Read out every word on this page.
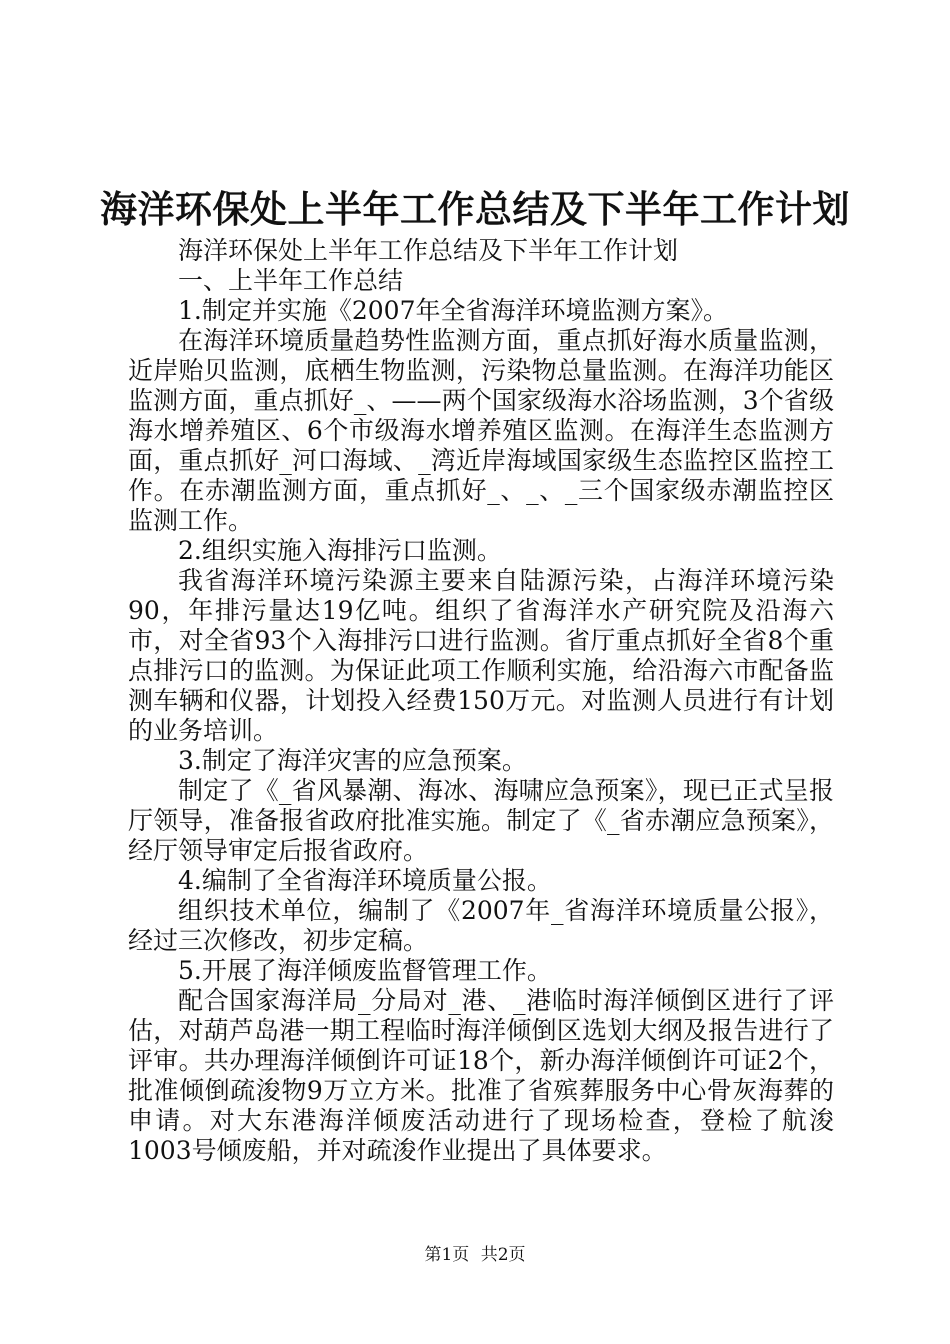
海洋环保处上半年工作总结及下半年工作计划

海洋环保处上半年工作总结及下半年工作计划

一、上半年工作总结

1.制定并实施《2007年全省海洋环境监测方案》。

在海洋环境质量趋势性监测方面，重点抓好海水质量监测，近岸贻贝监测，底栖生物监测，污染物总量监测。在海洋功能区监测方面，重点抓好_、——两个国家级海水浴场监测，3个省级海水增养殖区、6个市级海水增养殖区监测。在海洋生态监测方面，重点抓好_河口海域、_湾近岸海域国家级生态监控区监控工作。在赤潮监测方面，重点抓好_、_、_三个国家级赤潮监控区监测工作。

2.组织实施入海排污口监测。

我省海洋环境污染源主要来自陆源污染，占海洋环境污染90，年排污量达19亿吨。组织了省海洋水产研究院及沿海六市，对全省93个入海排污口进行监测。省厅重点抓好全省8个重点排污口的监测。为保证此项工作顺利实施，给沿海六市配备监测车辆和仪器，计划投入经费150万元。对监测人员进行有计划的业务培训。

3.制定了海洋灾害的应急预案。

制定了《_省风暴潮、海冰、海啸应急预案》，现已正式呈报厅领导，准备报省政府批准实施。制定了《_省赤潮应急预案》，经厅领导审定后报省政府。

4.编制了全省海洋环境质量公报。

组织技术单位，编制了《2007年_省海洋环境质量公报》，经过三次修改，初步定稿。

5.开展了海洋倾废监督管理工作。

配合国家海洋局_分局对_港、_港临时海洋倾倒区进行了评估，对葫芦岛港一期工程临时海洋倾倒区选划大纲及报告进行了评审。共办理海洋倾倒许可证18个，新办海洋倾倒许可证2个，批准倾倒疏浚物9万立方米。批准了省殡葬服务中心骨灰海葬的申请。对大东港海洋倾废活动进行了现场检查，登检了航浚1003号倾废船，并对疏浚作业提出了具体要求。

第1页 共2页
